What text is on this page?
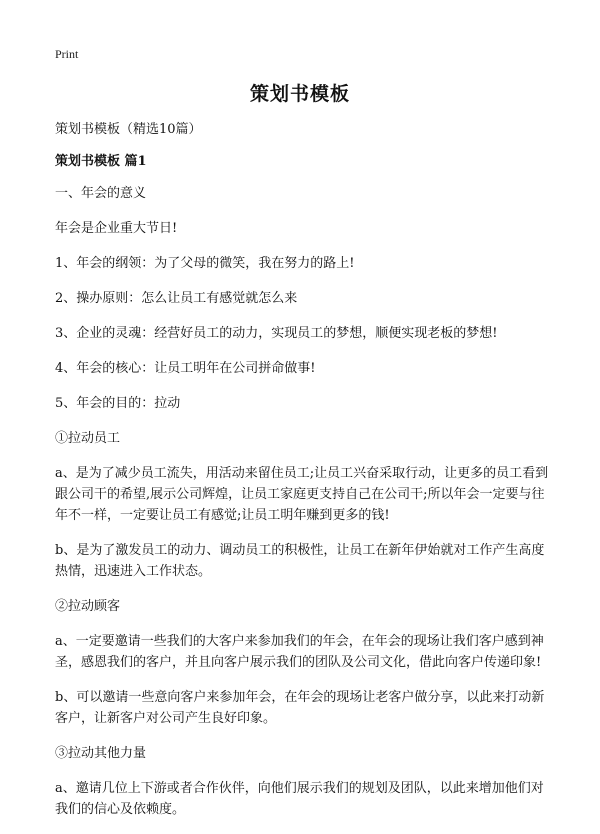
Print
策划书模板

策划书模板（精选10篇）

策划书模板 篇1

一、年会的意义

年会是企业重大节日!

1、年会的纲领：为了父母的微笑，我在努力的路上!

2、操办原则：怎么让员工有感觉就怎么来

3、企业的灵魂：经营好员工的动力，实现员工的梦想，顺便实现老板的梦想!

4、年会的核心：让员工明年在公司拼命做事!

5、年会的目的：拉动

①拉动员工

a、是为了减少员工流失，用活动来留住员工;让员工兴奋采取行动，让更多的员工看到跟公司干的希望,展示公司辉煌，让员工家庭更支持自己在公司干;所以年会一定要与往年不一样，一定要让员工有感觉;让员工明年赚到更多的钱!

b、是为了激发员工的动力、调动员工的积极性，让员工在新年伊始就对工作产生高度热情，迅速进入工作状态。

②拉动顾客

a、一定要邀请一些我们的大客户来参加我们的年会，在年会的现场让我们客户感到神圣，感恩我们的客户，并且向客户展示我们的团队及公司文化，借此向客户传递印象!

b、可以邀请一些意向客户来参加年会，在年会的现场让老客户做分享，以此来打动新客户，让新客户对公司产生良好印象。

③拉动其他力量

a、邀请几位上下游或者合作伙伴，向他们展示我们的规划及团队，以此来增加他们对我们的信心及依赖度。
